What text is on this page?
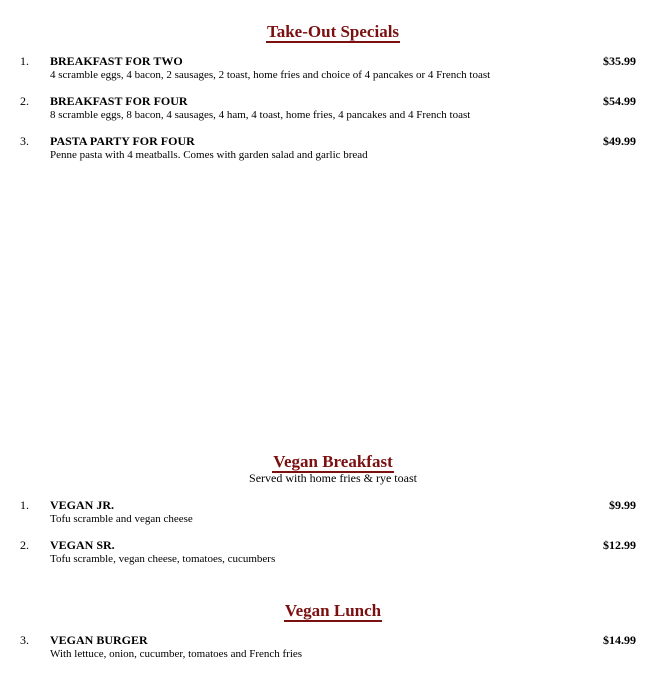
Take-Out Specials
1. BREAKFAST FOR TWO
4 scramble eggs, 4 bacon, 2 sausages, 2 toast, home fries and choice of 4 pancakes or 4 French toast
$35.99
2. BREAKFAST FOR FOUR
8 scramble eggs, 8 bacon, 4 sausages, 4 ham, 4 toast, home fries, 4 pancakes and 4 French toast
$54.99
3. PASTA PARTY FOR FOUR
Penne pasta with 4 meatballs. Comes with garden salad and garlic bread
$49.99
Vegan Breakfast
Served with home fries & rye toast
1. VEGAN JR.
Tofu scramble and vegan cheese
$9.99
2. VEGAN SR.
Tofu scramble, vegan cheese, tomatoes, cucumbers
$12.99
Vegan Lunch
3. VEGAN BURGER
With lettuce, onion, cucumber, tomatoes and French fries
$14.99
